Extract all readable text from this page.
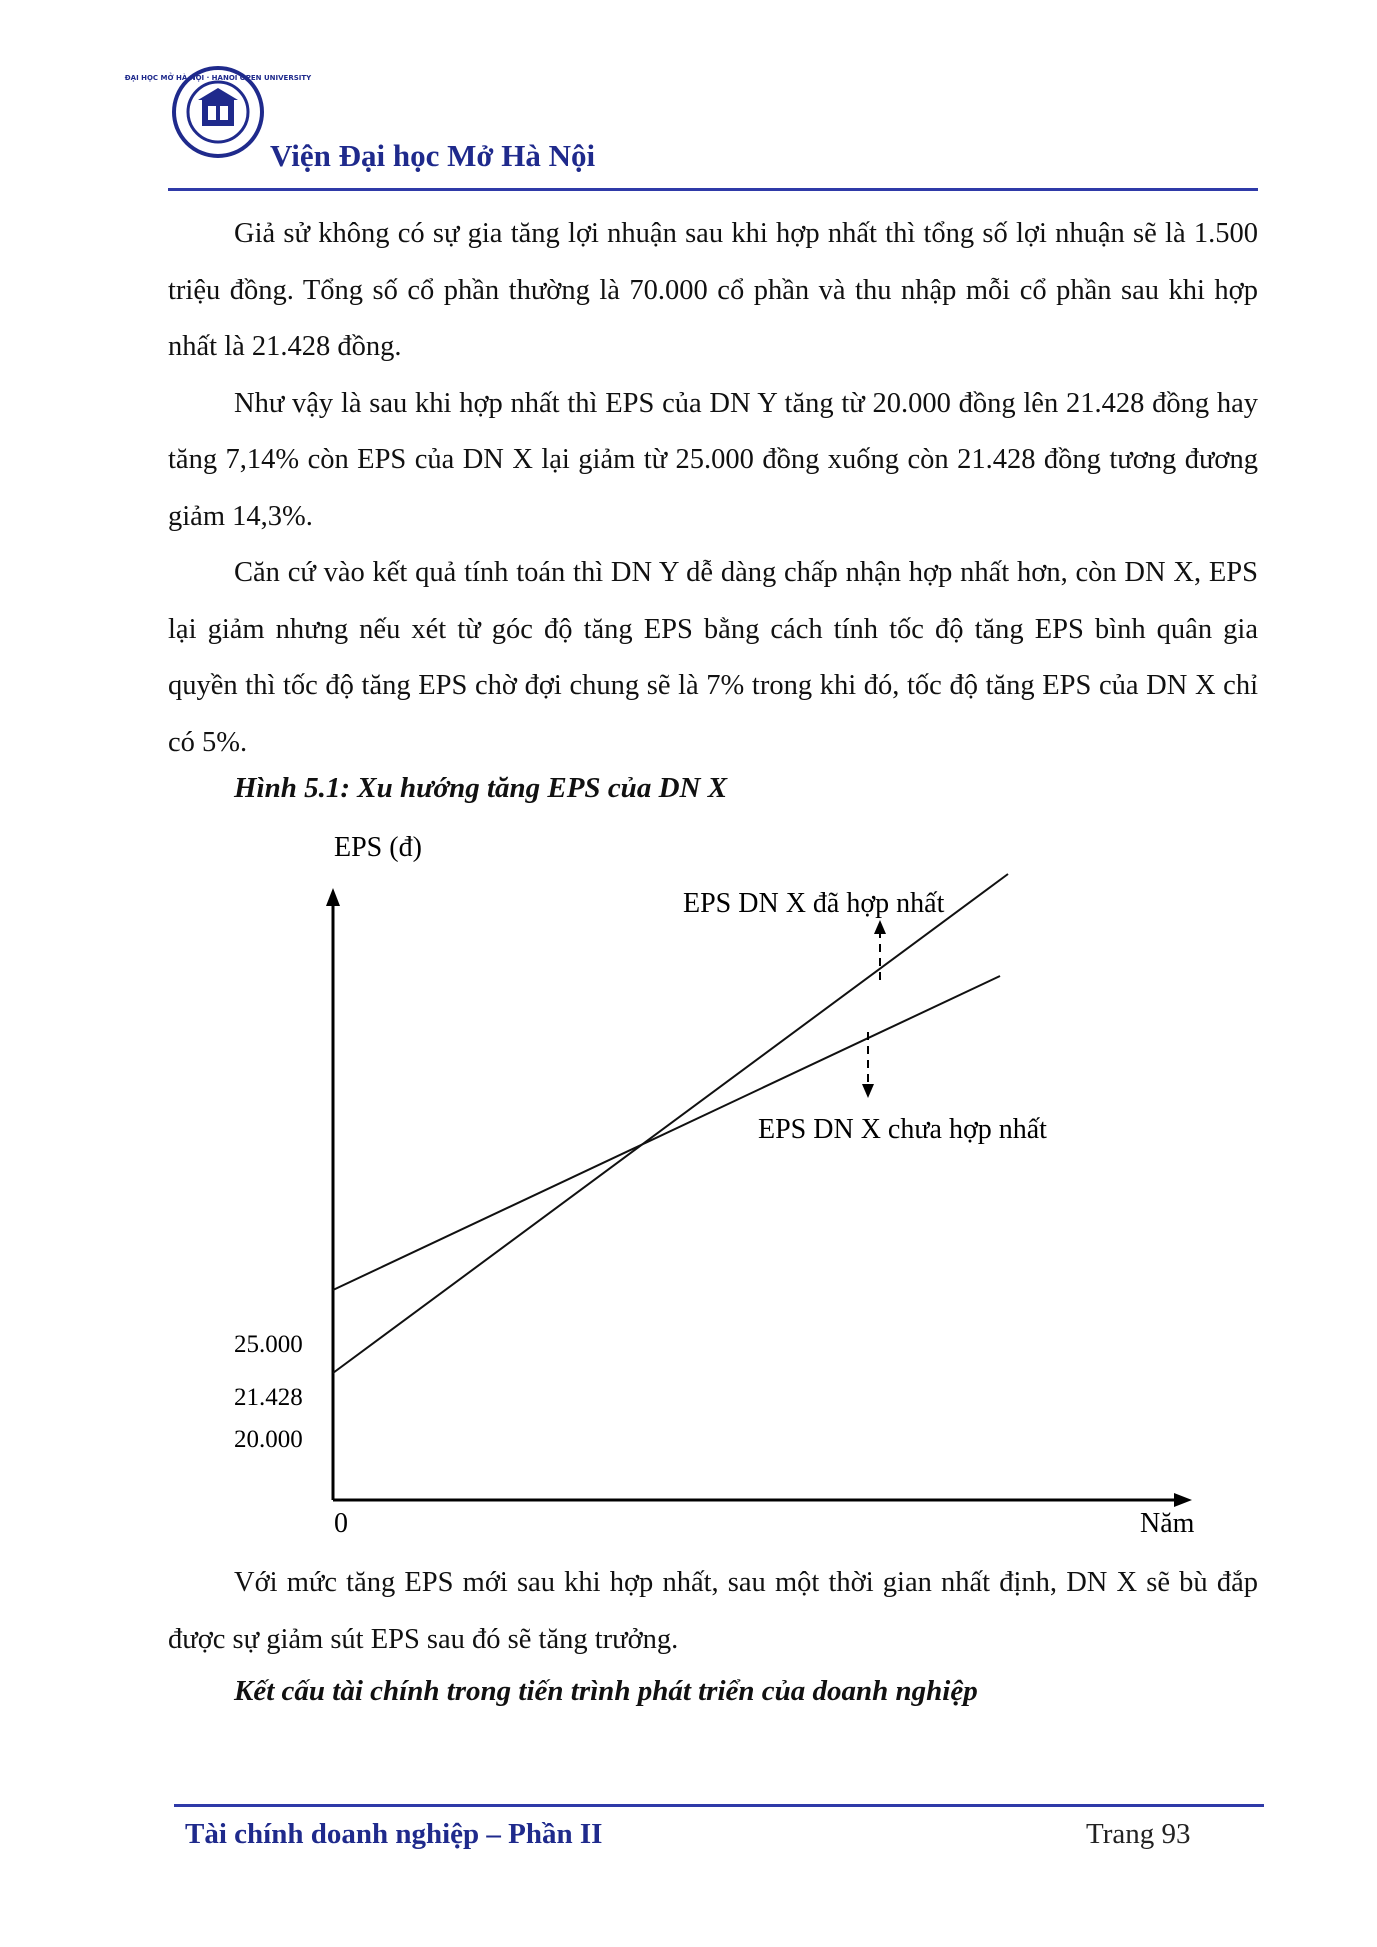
ĐẠI HỌC MỞ HÀ NỘI · HANOI OPEN UNIVERSITY
Viện Đại học Mở Hà Nội

Giả sử không có sự gia tăng lợi nhuận sau khi hợp nhất thì tổng số lợi nhuận sẽ là 1.500 triệu đồng. Tổng số cổ phần thường là 70.000 cổ phần và thu nhập mỗi cổ phần sau khi hợp nhất là 21.428 đồng.

Như vậy là sau khi hợp nhất thì EPS của DN Y tăng từ 20.000 đồng lên 21.428 đồng hay tăng 7,14% còn EPS của DN X lại giảm từ 25.000 đồng xuống còn 21.428 đồng tương đương giảm 14,3%.

Căn cứ vào kết quả tính toán thì DN Y dễ dàng chấp nhận hợp nhất hơn, còn DN X, EPS lại giảm nhưng nếu xét từ góc độ tăng EPS bằng cách tính tốc độ tăng EPS bình quân gia quyền thì tốc độ tăng EPS chờ đợi chung sẽ là 7% trong khi đó, tốc độ tăng EPS của DN X chỉ có 5%.

Hình 5.1: Xu hướng tăng EPS của DN X
EPS (đ)
EPS DN X đã hợp nhất
EPS DN X chưa hợp nhất
25.000
21.428
20.000
0	Năm

Với mức tăng EPS mới sau khi hợp nhất, sau một thời gian nhất định, DN X sẽ bù đắp được sự giảm sút EPS sau đó sẽ tăng trưởng.

Kết cấu tài chính trong tiến trình phát triển của doanh nghiệp
Tài chính doanh nghiệp – Phần II	Trang 93
